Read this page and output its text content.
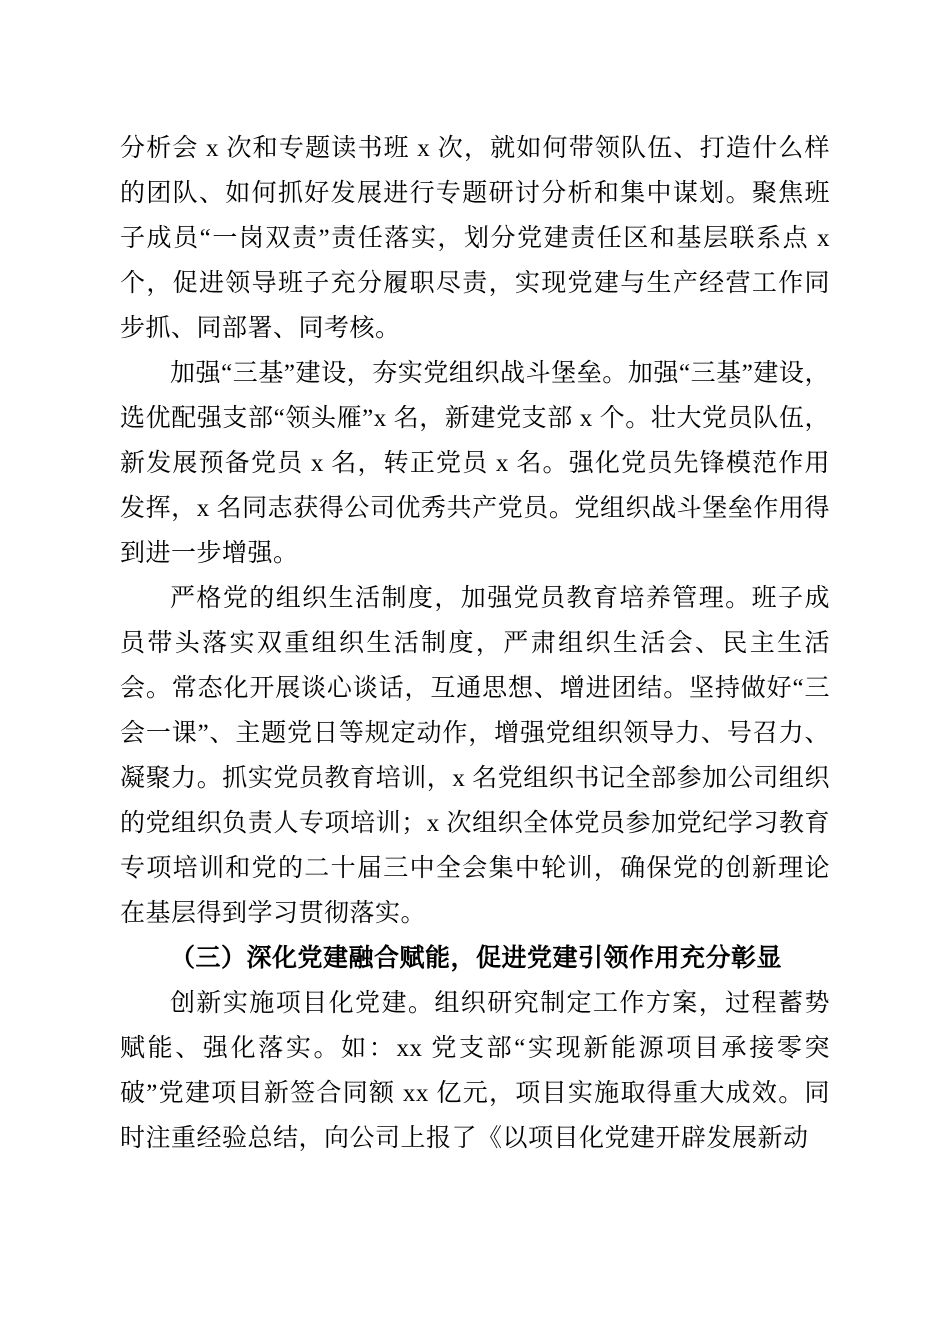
分析会 x 次和专题读书班 x 次，就如何带领队伍、打造什么样的团队、如何抓好发展进行专题研讨分析和集中谋划。聚焦班子成员“一岗双责”责任落实，划分党建责任区和基层联系点 x 个，促进领导班子充分履职尽责，实现党建与生产经营工作同步抓、同部署、同考核。

加强“三基”建设，夯实党组织战斗堡垒。加强“三基”建设，选优配强支部“领头雁”x 名，新建党支部 x 个。壮大党员队伍，新发展预备党员 x 名，转正党员 x 名。强化党员先锋模范作用发挥，x 名同志获得公司优秀共产党员。党组织战斗堡垒作用得到进一步增强。

严格党的组织生活制度，加强党员教育培养管理。班子成员带头落实双重组织生活制度，严肃组织生活会、民主生活会。常态化开展谈心谈话，互通思想、增进团结。坚持做好“三会一课”、主题党日等规定动作，增强党组织领导力、号召力、凝聚力。抓实党员教育培训，x 名党组织书记全部参加公司组织的党组织负责人专项培训；x 次组织全体党员参加党纪学习教育专项培训和党的二十届三中全会集中轮训，确保党的创新理论在基层得到学习贯彻落实。

（三）深化党建融合赋能，促进党建引领作用充分彰显

创新实施项目化党建。组织研究制定工作方案，过程蓄势赋能、强化落实。如：xx 党支部“实现新能源项目承接零突破”党建项目新签合同额 xx 亿元，项目实施取得重大成效。同时注重经验总结，向公司上报了《以项目化党建开辟发展新动
